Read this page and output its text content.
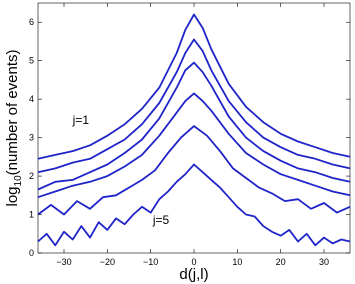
−30	−20	−10	0	10	20	30
0
1
2
3
4
5
6
j=1
j=5
d(j,l)
$\log_{10}(number$ of events)
